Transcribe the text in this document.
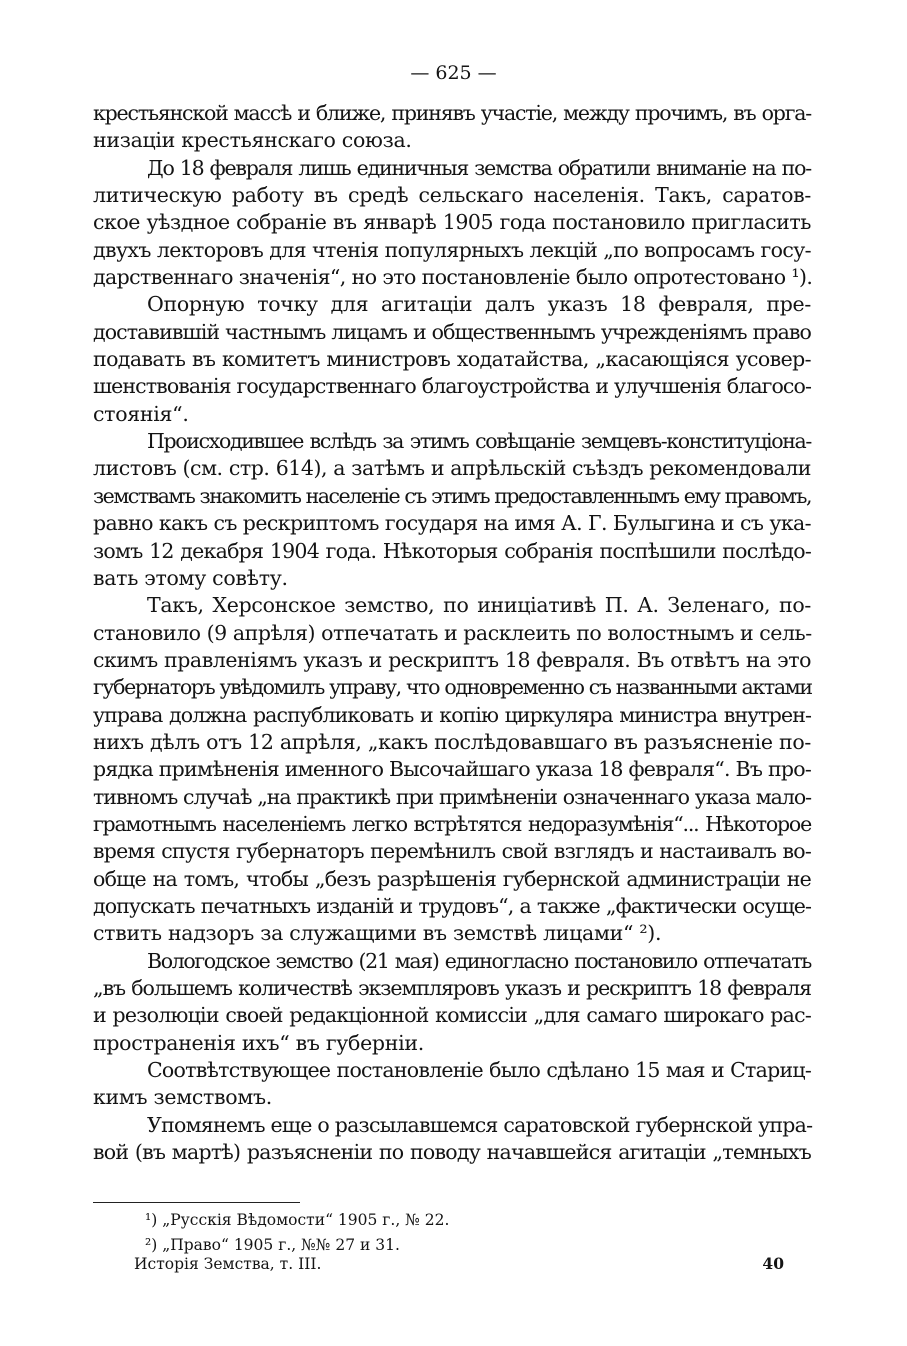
— 625 —
крестьянской массѣ и ближе, принявъ участіе, между прочимъ, въ орга-
низаціи крестьянскаго союза.
До 18 февраля лишь единичныя земства обратили вниманіе на по-
литическую работу въ средѣ сельскаго населенія. Такъ, саратов-
ское уѣздное собраніе въ январѣ 1905 года постановило пригласить
двухъ лекторовъ для чтенія популярныхъ лекцій „по вопросамъ госу-
дарственнаго значенія“, но это постановленіе было опротестовано ¹).
Опорную точку для агитаціи далъ указъ 18 февраля, пре-
доставившій частнымъ лицамъ и общественнымъ учрежденіямъ право
подавать въ комитетъ министровъ ходатайства, „касающіяся усовер-
шенствованія государственнаго благоустройства и улучшенія благосо-
стоянія“.
Происходившее вслѣдъ за этимъ совѣщаніе земцевъ-конституціона-
листовъ (см. стр. 614), а затѣмъ и апрѣльскій съѣздъ рекомендовали
земствамъ знакомить населеніе съ этимъ предоставленнымъ ему правомъ,
равно какъ съ рескриптомъ государя на имя А. Г. Булыгина и съ ука-
зомъ 12 декабря 1904 года. Нѣкоторыя собранія поспѣшили послѣдо-
вать этому совѣту.
Такъ, Херсонское земство, по иниціативѣ П. А. Зеленаго, по-
становило (9 апрѣля) отпечатать и расклеить по волостнымъ и сель-
скимъ правленіямъ указъ и рескриптъ 18 февраля. Въ отвѣтъ на это
губернаторъ увѣдомилъ управу, что одновременно съ названными актами
управа должна распубликовать и копію циркуляра министра внутрен-
нихъ дѣлъ отъ 12 апрѣля, „какъ послѣдовавшаго въ разъясненіе по-
рядка примѣненія именного Высочайшаго указа 18 февраля“. Въ про-
тивномъ случаѣ „на практикѣ при примѣненіи означеннаго указа мало-
грамотнымъ населеніемъ легко встрѣтятся недоразумѣнія“... Нѣкоторое
время спустя губернаторъ перемѣнилъ свой взглядъ и настаивалъ во-
обще на томъ, чтобы „безъ разрѣшенія губернской администраціи не
допускать печатныхъ изданій и трудовъ“, а также „фактически осуще-
ствить надзоръ за служащими въ земствѣ лицами“ ²).
Вологодское земство (21 мая) единогласно постановило отпечатать
„въ большемъ количествѣ экземпляровъ указъ и рескриптъ 18 февраля
и резолюціи своей редакціонной комиссіи „для самаго широкаго рас-
пространенія ихъ“ въ губерніи.
Соотвѣтствующее постановленіе было сдѣлано 15 мая и Стариц-
кимъ земствомъ.
Упомянемъ еще о разсылавшемся саратовской губернской упра-
вой (въ мартѣ) разъясненіи по поводу начавшейся агитаціи „темныхъ
¹) „Русскія Вѣдомости“ 1905 г., № 22.
²) „Право“ 1905 г., №№ 27 и 31.
Исторія Земства, т. III.	40
